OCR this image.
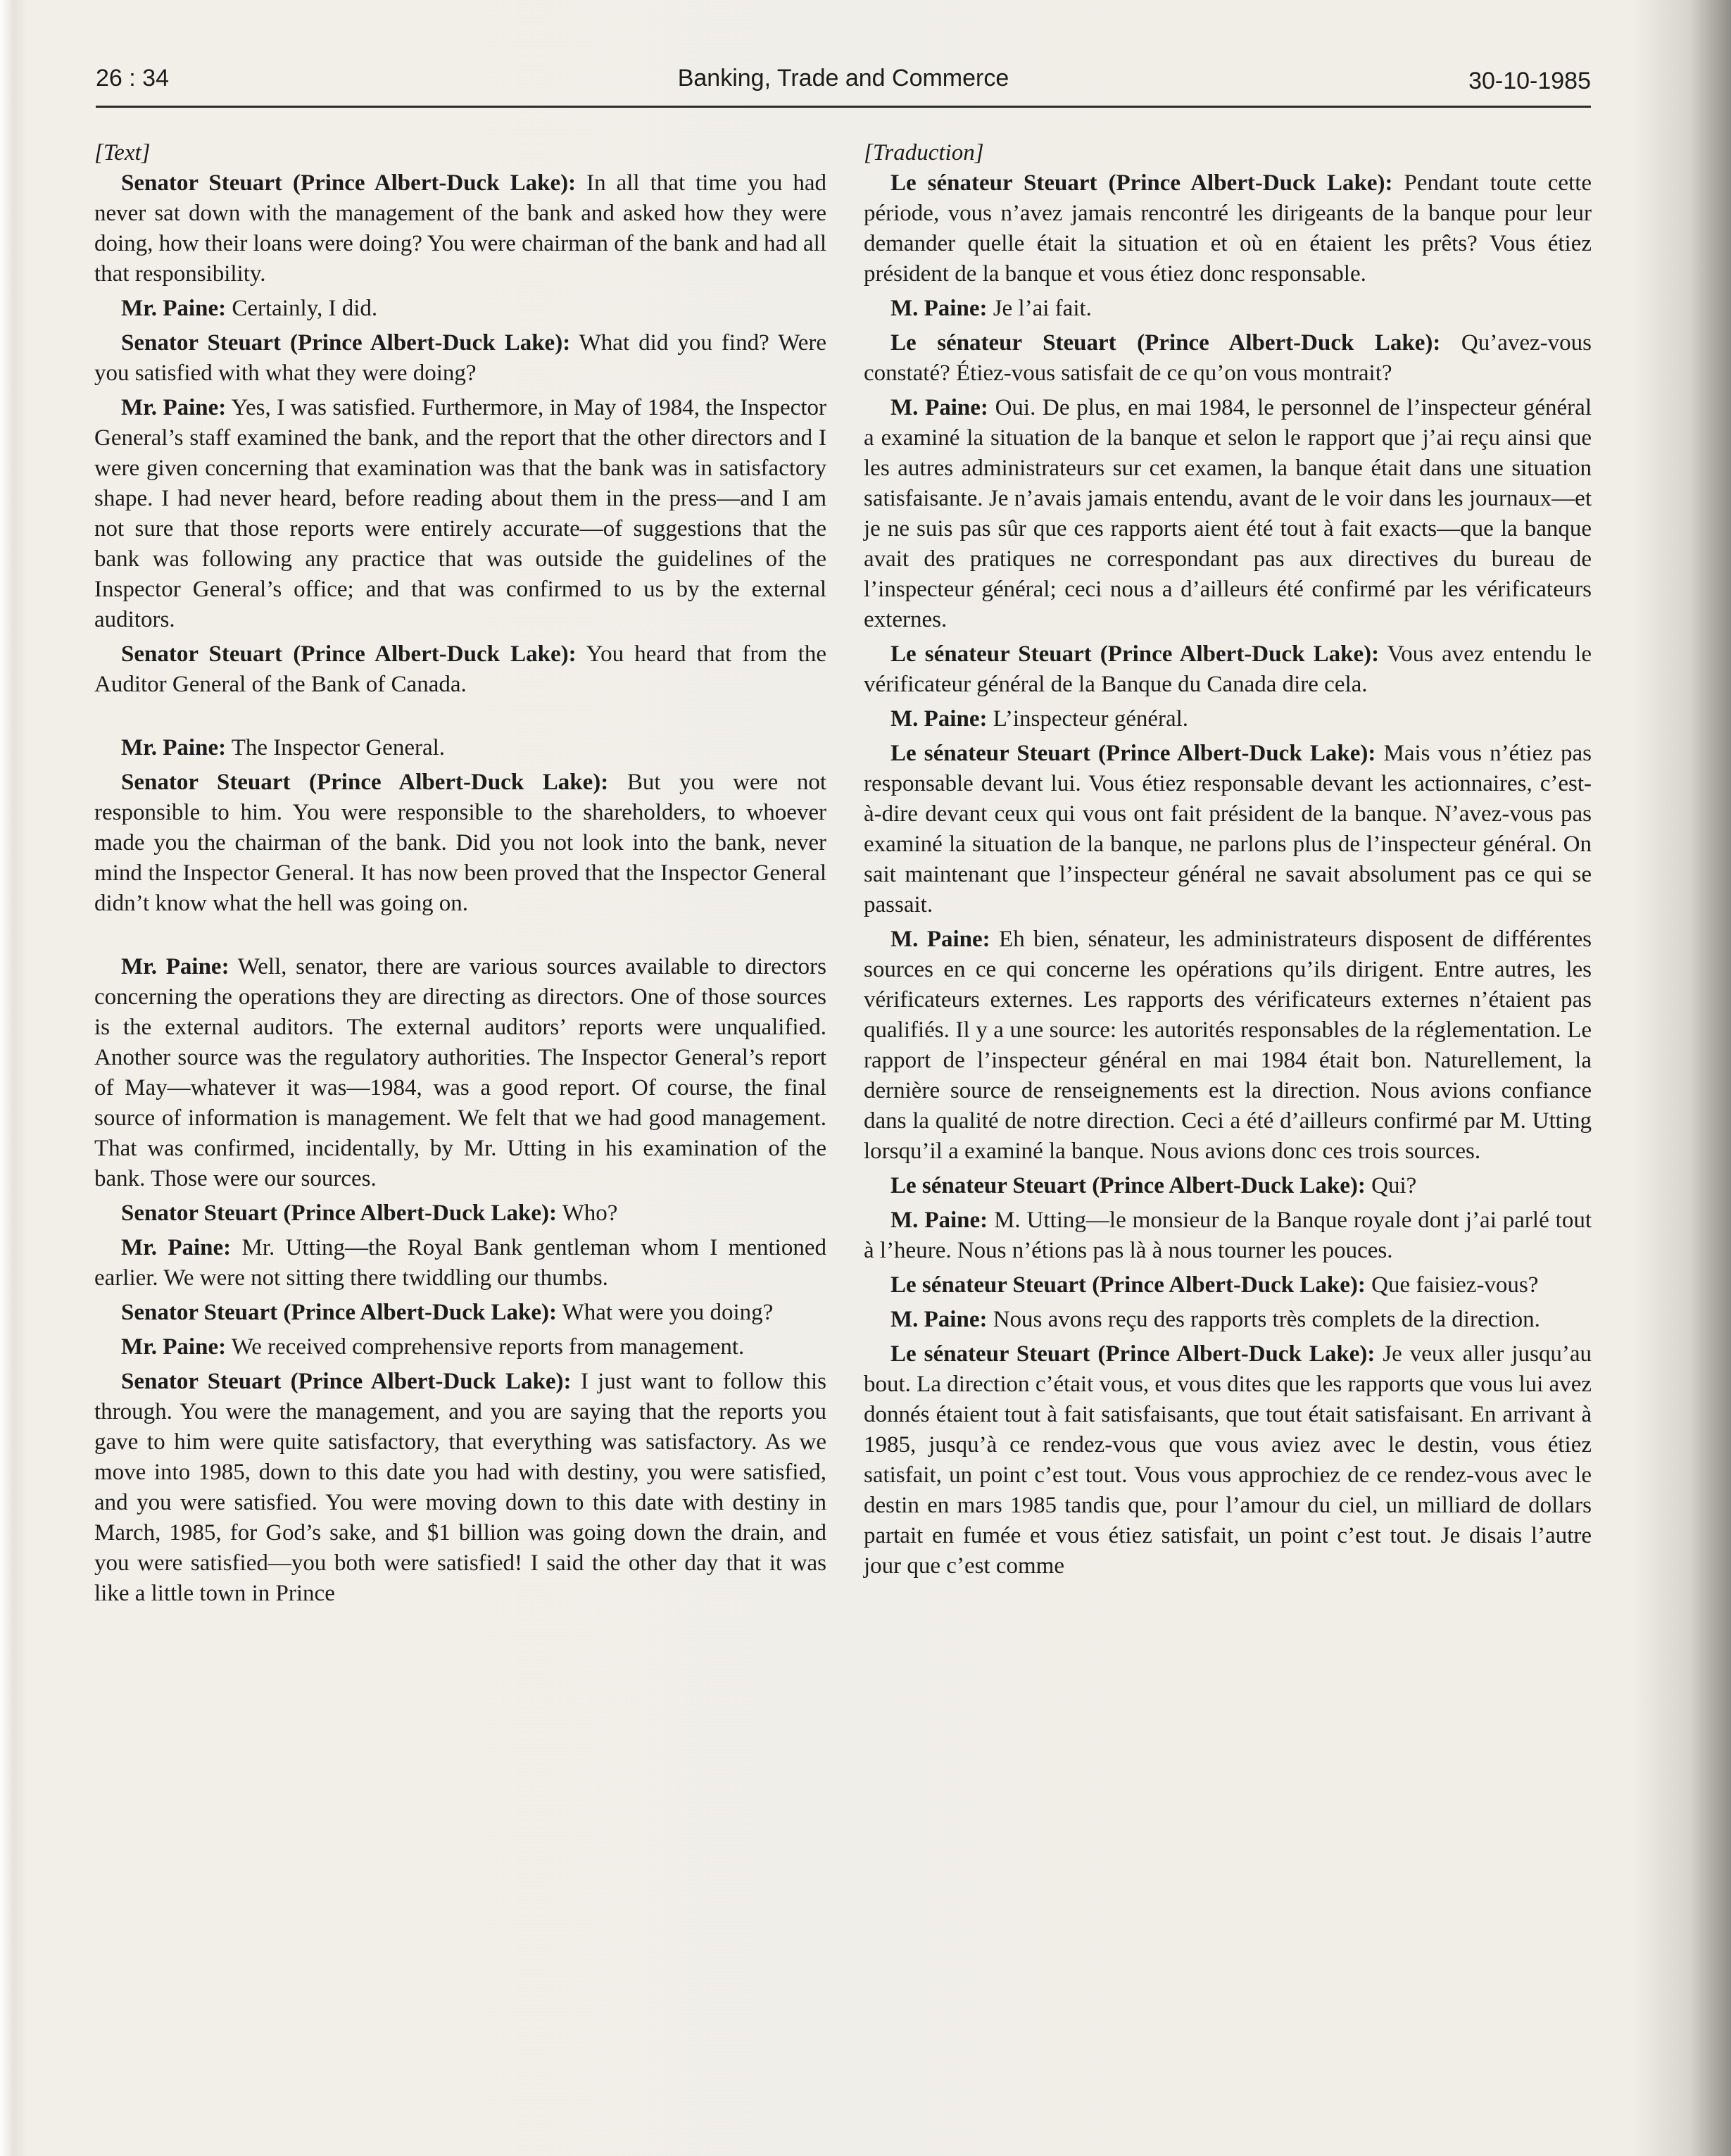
26 : 34	Banking, Trade and Commerce	30-10-1985
[Text]

Senator Steuart (Prince Albert-Duck Lake): In all that time you had never sat down with the management of the bank and asked how they were doing, how their loans were doing? You were chairman of the bank and had all that responsibility.

Mr. Paine: Certainly, I did.

Senator Steuart (Prince Albert-Duck Lake): What did you find? Were you satisfied with what they were doing?

Mr. Paine: Yes, I was satisfied. Furthermore, in May of 1984, the Inspector General’s staff examined the bank, and the report that the other directors and I were given concerning that examination was that the bank was in satisfactory shape. I had never heard, before reading about them in the press—and I am not sure that those reports were entirely accurate—of suggestions that the bank was following any practice that was outside the guidelines of the Inspector General’s office; and that was confirmed to us by the external auditors.

Senator Steuart (Prince Albert-Duck Lake): You heard that from the Auditor General of the Bank of Canada.

Mr. Paine: The Inspector General.

Senator Steuart (Prince Albert-Duck Lake): But you were not responsible to him. You were responsible to the shareholders, to whoever made you the chairman of the bank. Did you not look into the bank, never mind the Inspector General. It has now been proved that the Inspector General didn’t know what the hell was going on.

Mr. Paine: Well, senator, there are various sources available to directors concerning the operations they are directing as directors. One of those sources is the external auditors. The external auditors’ reports were unqualified. Another source was the regulatory authorities. The Inspector General’s report of May—whatever it was—1984, was a good report. Of course, the final source of information is management. We felt that we had good management. That was confirmed, incidentally, by Mr. Utting in his examination of the bank. Those were our sources.

Senator Steuart (Prince Albert-Duck Lake): Who?

Mr. Paine: Mr. Utting—the Royal Bank gentleman whom I mentioned earlier. We were not sitting there twiddling our thumbs.

Senator Steuart (Prince Albert-Duck Lake): What were you doing?

Mr. Paine: We received comprehensive reports from management.

Senator Steuart (Prince Albert-Duck Lake): I just want to follow this through. You were the management, and you are saying that the reports you gave to him were quite satisfactory, that everything was satisfactory. As we move into 1985, down to this date you had with destiny, you were satisfied, and you were satisfied. You were moving down to this date with destiny in March, 1985, for God’s sake, and $1 billion was going down the drain, and you were satisfied—you both were satisfied! I said the other day that it was like a little town in Prince

[Traduction]

Le sénateur Steuart (Prince Albert-Duck Lake): Pendant toute cette période, vous n’avez jamais rencontré les dirigeants de la banque pour leur demander quelle était la situation et où en étaient les prêts? Vous étiez président de la banque et vous étiez donc responsable.

M. Paine: Je l’ai fait.

Le sénateur Steuart (Prince Albert-Duck Lake): Qu’avez-vous constaté? Étiez-vous satisfait de ce qu’on vous montrait?

M. Paine: Oui. De plus, en mai 1984, le personnel de l’inspecteur général a examiné la situation de la banque et selon le rapport que j’ai reçu ainsi que les autres administrateurs sur cet examen, la banque était dans une situation satisfaisante. Je n’avais jamais entendu, avant de le voir dans les journaux—et je ne suis pas sûr que ces rapports aient été tout à fait exacts—que la banque avait des pratiques ne correspondant pas aux directives du bureau de l’inspecteur général; ceci nous a d’ailleurs été confirmé par les vérificateurs externes.

Le sénateur Steuart (Prince Albert-Duck Lake): Vous avez entendu le vérificateur général de la Banque du Canada dire cela.

M. Paine: L’inspecteur général.

Le sénateur Steuart (Prince Albert-Duck Lake): Mais vous n’étiez pas responsable devant lui. Vous étiez responsable devant les actionnaires, c’est-à-dire devant ceux qui vous ont fait président de la banque. N’avez-vous pas examiné la situation de la banque, ne parlons plus de l’inspecteur général. On sait maintenant que l’inspecteur général ne savait absolument pas ce qui se passait.

M. Paine: Eh bien, sénateur, les administrateurs disposent de différentes sources en ce qui concerne les opérations qu’ils dirigent. Entre autres, les vérificateurs externes. Les rapports des vérificateurs externes n’étaient pas qualifiés. Il y a une source: les autorités responsables de la réglementation. Le rapport de l’inspecteur général en mai 1984 était bon. Naturellement, la dernière source de renseignements est la direction. Nous avions confiance dans la qualité de notre direction. Ceci a été d’ailleurs confirmé par M. Utting lorsqu’il a examiné la banque. Nous avions donc ces trois sources.

Le sénateur Steuart (Prince Albert-Duck Lake): Qui?

M. Paine: M. Utting—le monsieur de la Banque royale dont j’ai parlé tout à l’heure. Nous n’étions pas là à nous tourner les pouces.

Le sénateur Steuart (Prince Albert-Duck Lake): Que faisiez-vous?

M. Paine: Nous avons reçu des rapports très complets de la direction.

Le sénateur Steuart (Prince Albert-Duck Lake): Je veux aller jusqu’au bout. La direction c’était vous, et vous dites que les rapports que vous lui avez donnés étaient tout à fait satisfaisants, que tout était satisfaisant. En arrivant à 1985, jusqu’à ce rendez-vous que vous aviez avec le destin, vous étiez satisfait, un point c’est tout. Vous vous approchiez de ce rendez-vous avec le destin en mars 1985 tandis que, pour l’amour du ciel, un milliard de dollars partait en fumée et vous étiez satisfait, un point c’est tout. Je disais l’autre jour que c’est comme
